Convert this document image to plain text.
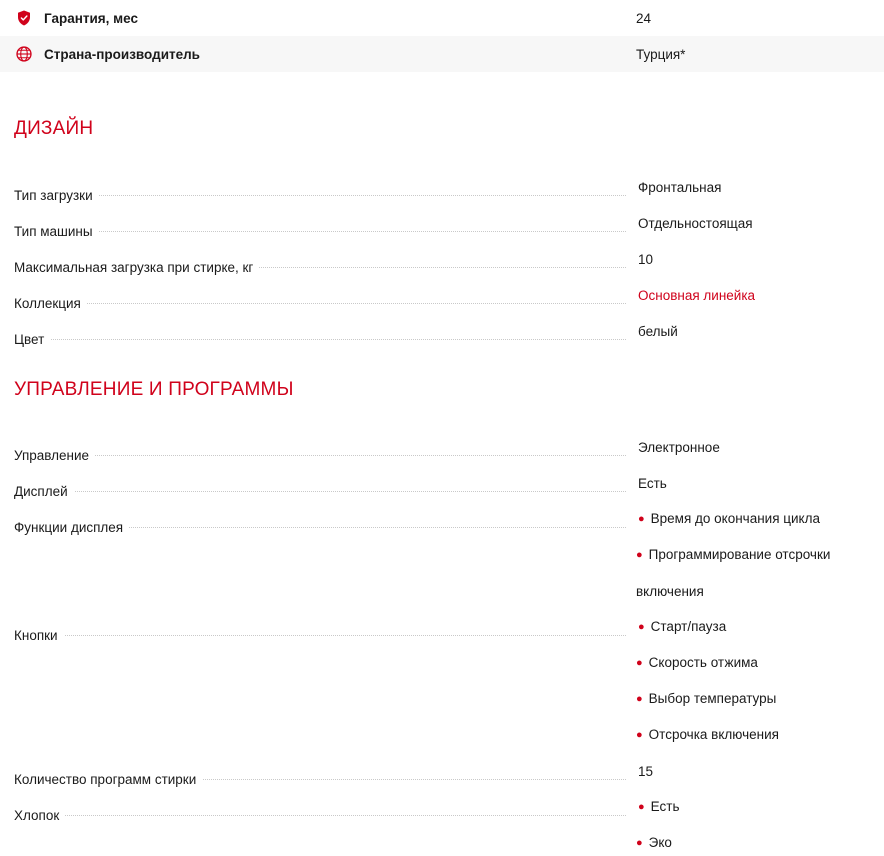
Гарантия, мес	24
Страна-производитель	Турция*
ДИЗАЙН
Тип загрузки
Фронтальная
Тип машины
Отдельностоящая
Максимальная загрузка при стирке, кг
10
Коллекция
Основная линейка
Цвет
белый
УПРАВЛЕНИЕ И ПРОГРАММЫ
Управление
Электронное
Дисплей
Есть
Функции дисплея
● Время до окончания цикла
● Программирование отсрочки
включения
Кнопки
● Старт/пауза
● Скорость отжима
● Выбор температуры
● Отсрочка включения
Количество программ стирки
15
Хлопок
● Есть
● Эко
